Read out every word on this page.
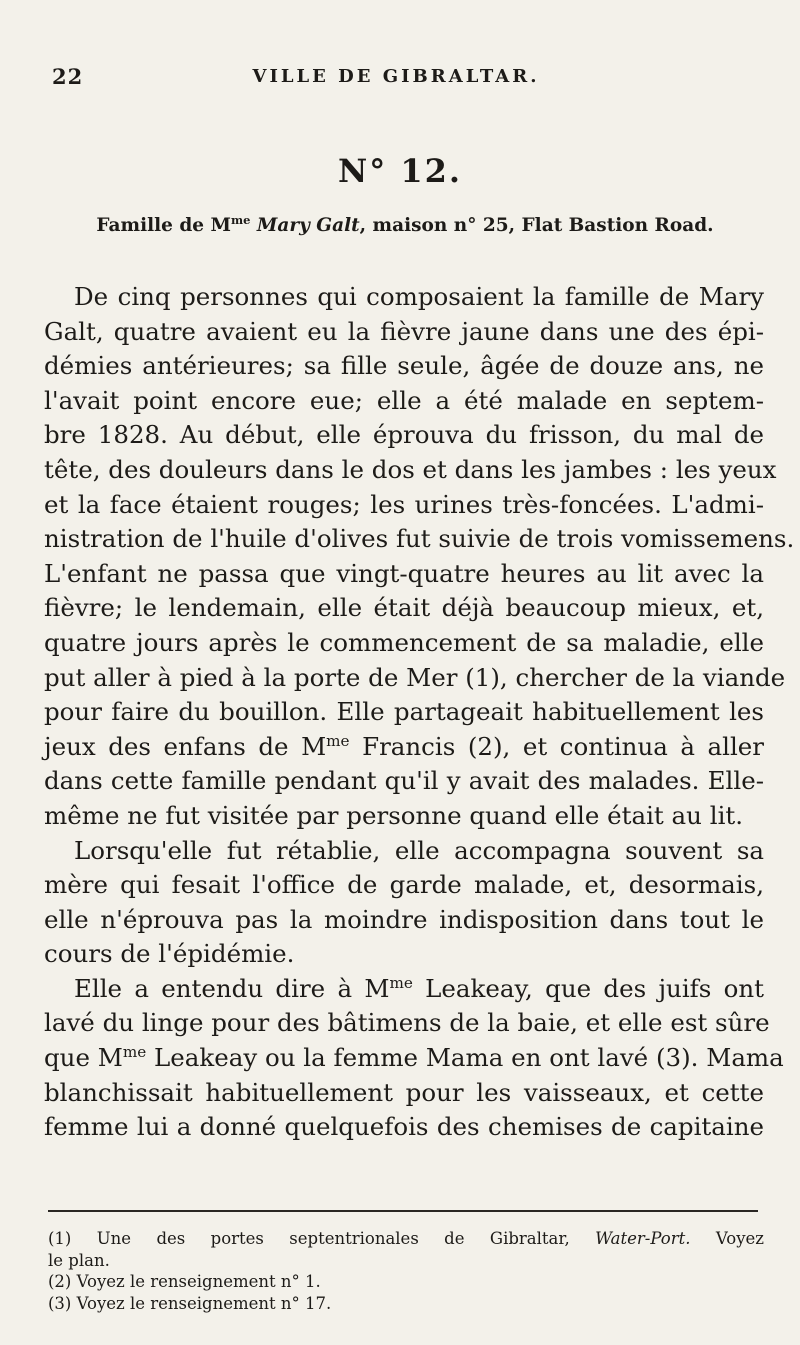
22	VILLE DE GIBRALTAR.
N° 12.
Famille de $M^{me}$ Mary Galt, maison n° 25, Flat Bastion Road.
De cinq personnes qui composaient la famille de Mary
Galt, quatre avaient eu la fièvre jaune dans une des épi-
démies antérieures; sa fille seule, âgée de douze ans, ne
l'avait point encore eue; elle a été malade en septem-
bre 1828. Au début, elle éprouva du frisson, du mal de
tête, des douleurs dans le dos et dans les jambes : les yeux
et la face étaient rouges; les urines très-foncées. L'admi-
nistration de l'huile d'olives fut suivie de trois vomissemens.
L'enfant ne passa que vingt-quatre heures au lit avec la
fièvre; le lendemain, elle était déjà beaucoup mieux, et,
quatre jours après le commencement de sa maladie, elle
put aller à pied à la porte de Mer (1), chercher de la viande
pour faire du bouillon. Elle partageait habituellement les
jeux des enfans de $M^{me}$ Francis (2), et continua à aller
dans cette famille pendant qu'il y avait des malades. Elle-
même ne fut visitée par personne quand elle était au lit.
Lorsqu'elle fut rétablie, elle accompagna souvent sa
mère qui fesait l'office de garde malade, et, desormais,
elle n'éprouva pas la moindre indisposition dans tout le
cours de l'épidémie.
Elle a entendu dire à $M^{me}$ Leakeay, que des juifs ont
lavé du linge pour des bâtimens de la baie, et elle est sûre
que $M^{me}$ Leakeay ou la femme Mama en ont lavé (3). Mama
blanchissait habituellement pour les vaisseaux, et cette
femme lui a donné quelquefois des chemises de capitaine
(1) Une des portes septentrionales de Gibraltar, Water-Port. Voyez
le plan.
(2) Voyez le renseignement n° 1.
(3) Voyez le renseignement n° 17.
